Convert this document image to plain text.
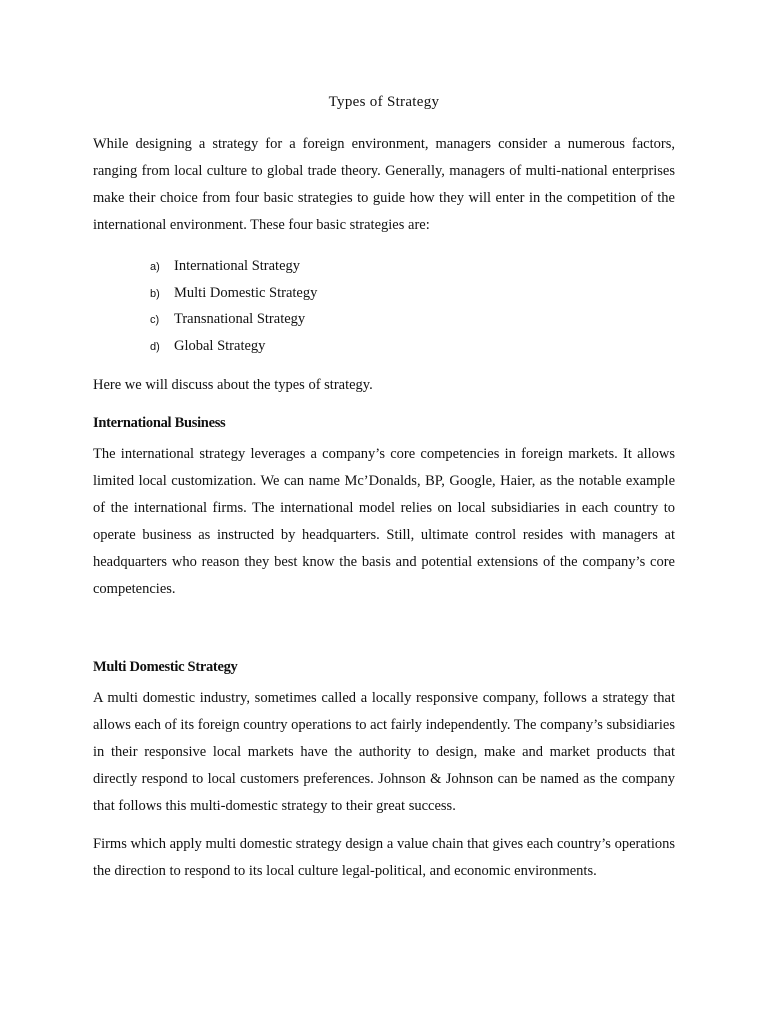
Types of Strategy

While designing a strategy for a foreign environment, managers consider a numerous factors, ranging from local culture to global trade theory. Generally, managers of multi-national enterprises make their choice from four basic strategies to guide how they will enter in the competition of the international environment. These four basic strategies are:

a) International Strategy
b) Multi Domestic Strategy
c)	Transnational Strategy
d) Global Strategy

Here we will discuss about the types of strategy.

International Business

The international strategy leverages a company’s core competencies in foreign markets. It allows limited local customization. We can name Mc’Donalds, BP, Google, Haier, as the notable example of the international firms. The international model relies on local subsidiaries in each country to operate business as instructed by headquarters. Still, ultimate control resides with managers at headquarters who reason they best know the basis and potential extensions of the company’s core competencies.

Multi Domestic Strategy

A multi domestic industry, sometimes called a locally responsive company, follows a strategy that allows each of its foreign country operations to act fairly independently. The company’s subsidiaries in their responsive local markets have the authority to design, make and market products that directly respond to local customers preferences. Johnson & Johnson can be named as the company that follows this multi-domestic strategy to their great success.

Firms which apply multi domestic strategy design a value chain that gives each country’s operations the direction to respond to its local culture legal-political, and economic environments.
